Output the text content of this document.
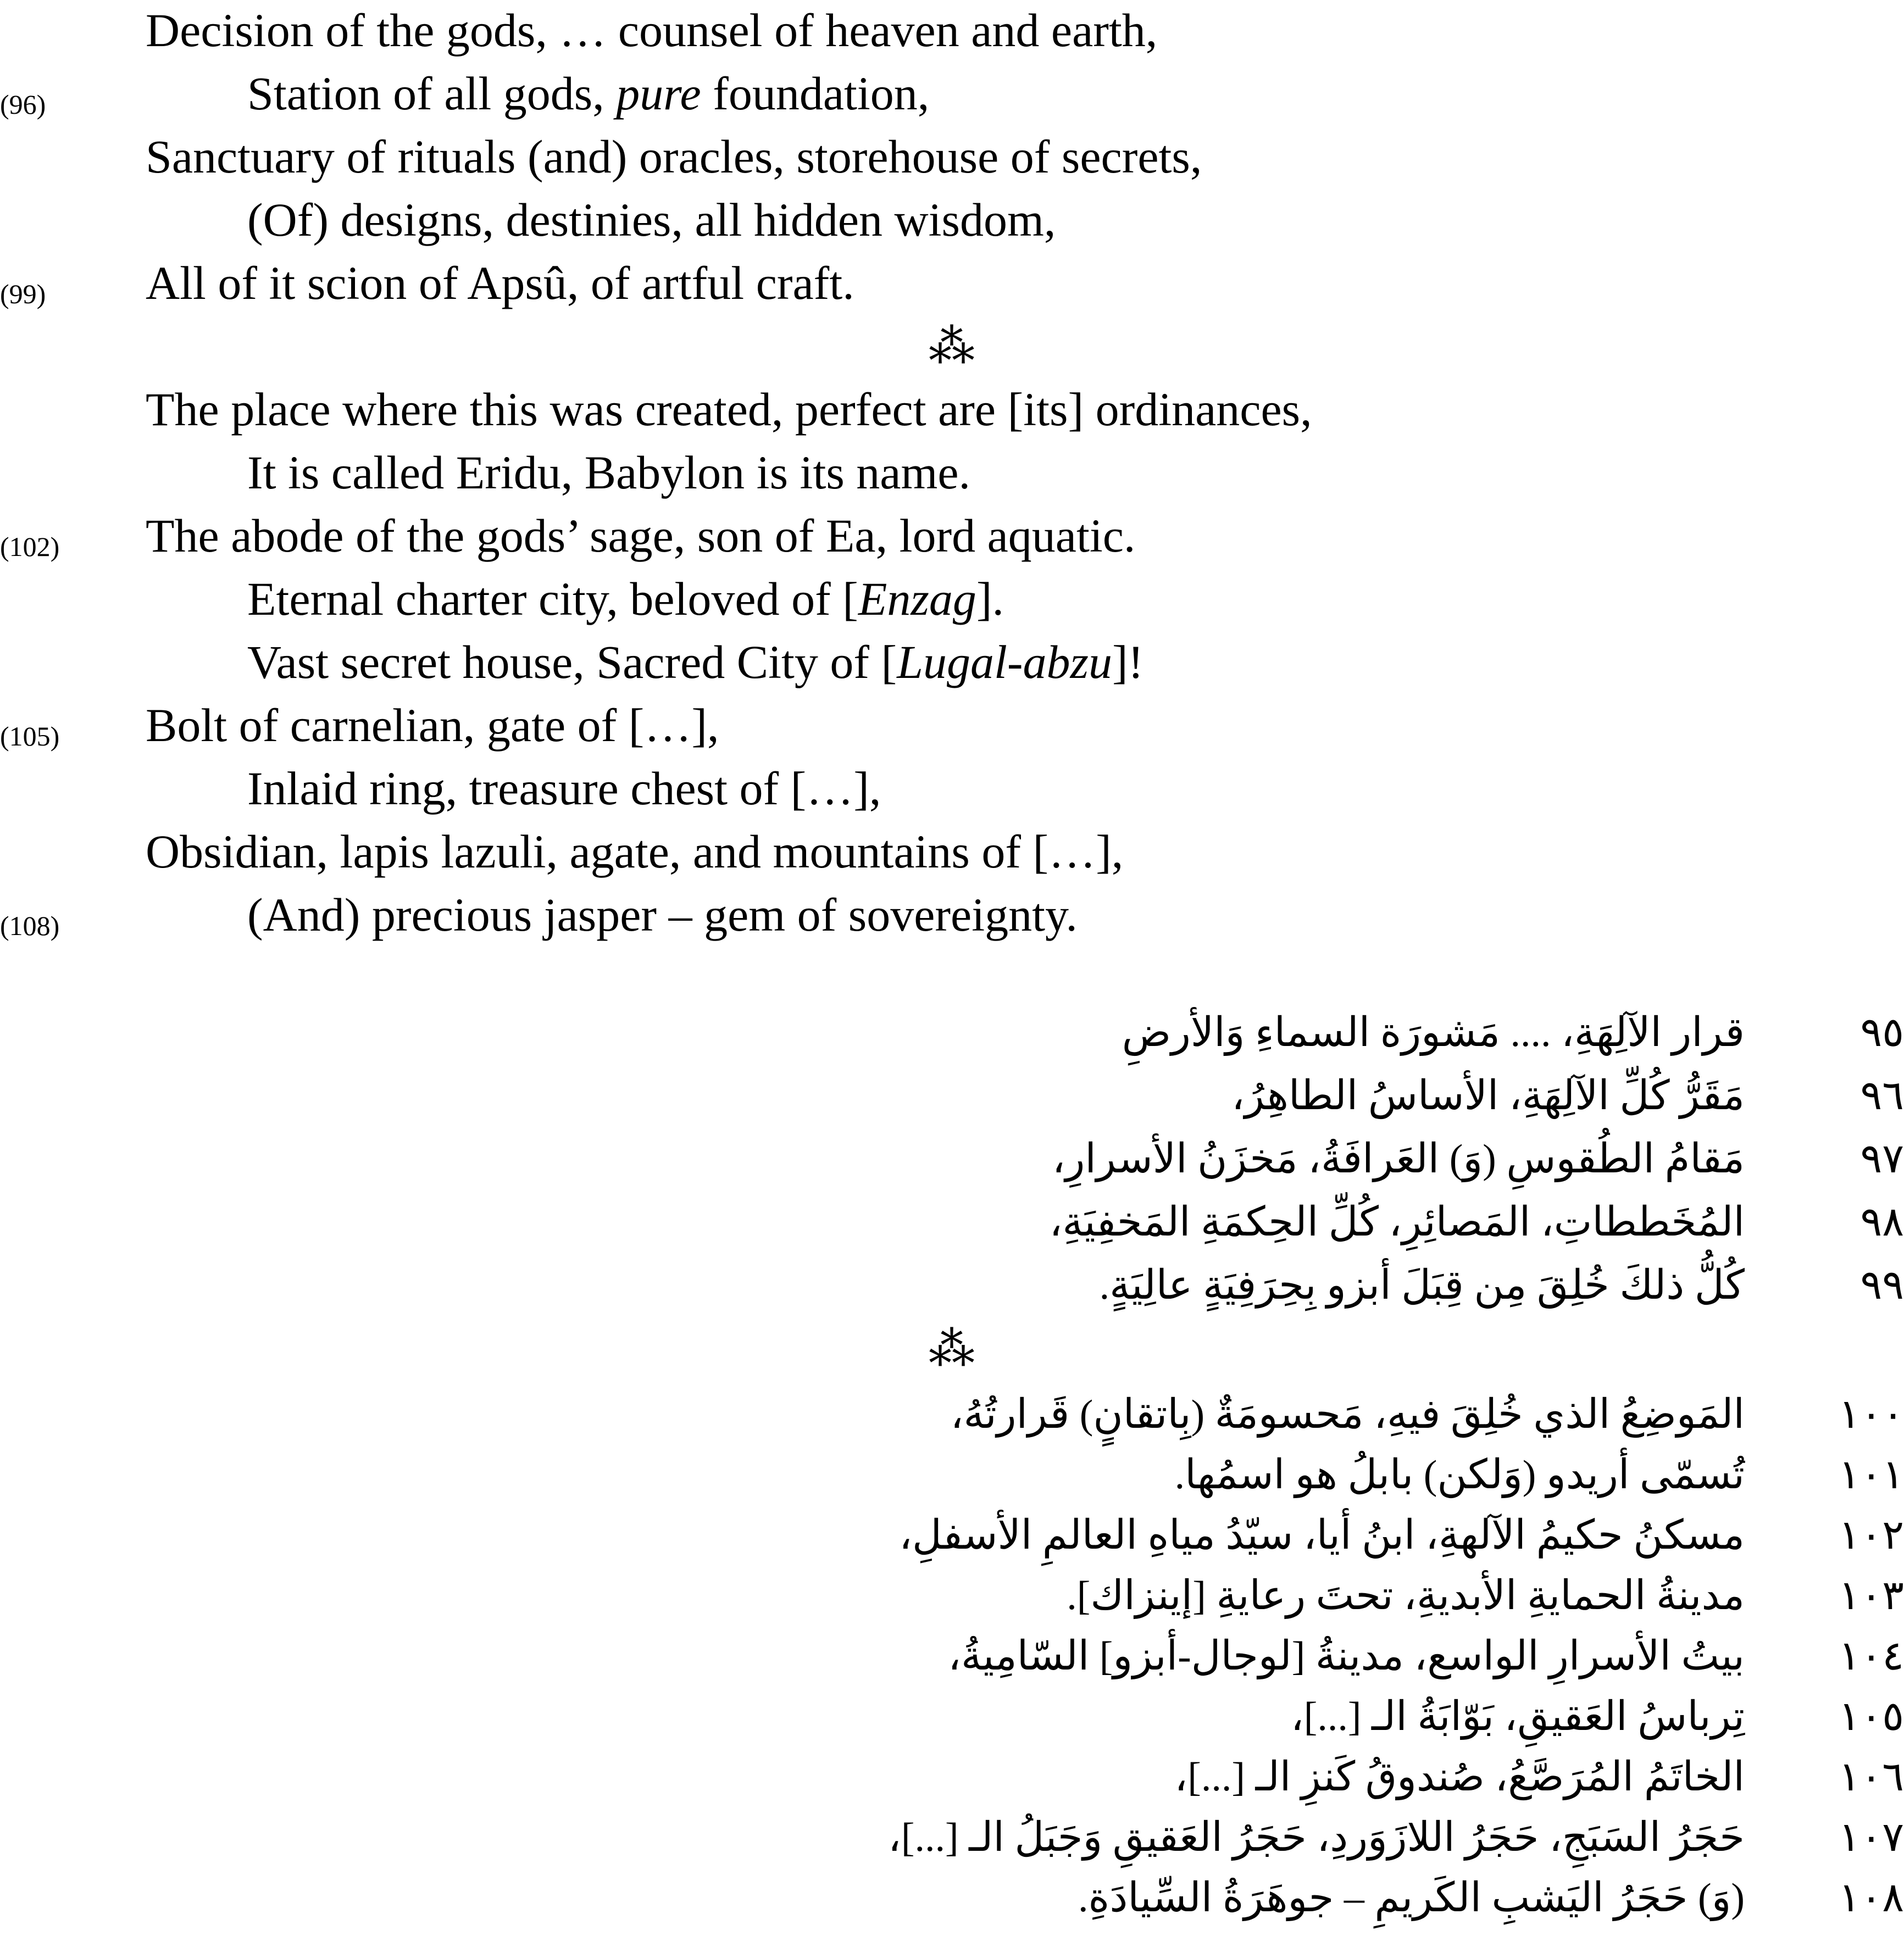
Decision of the gods, … counsel of heaven and earth,
(96)	Station of all gods, pure foundation,
Sanctuary of rituals (and) oracles, storehouse of secrets,
(Of) designs, destinies, all hidden wisdom,
(99) All of it scion of Apsû, of artful craft.
⁂
The place where this was created, perfect are [its] ordinances,
It is called Eridu, Babylon is its name.
(102) The abode of the gods’ sage, son of Ea, lord aquatic.
Eternal charter city, beloved of [Enzag].
Vast secret house, Sacred City of [Lugal-abzu]!
(105) Bolt of carnelian, gate of […],
Inlaid ring, treasure chest of […],
Obsidian, lapis lazuli, agate, and mountains of […],
(108)	(And) precious jasper – gem of sovereignty.
قرار الآلِهَةِ، .... مَشورَة السماءِ وَالأرضِ	٩٥
مَقَرُّ كُلِّ الآلِهَةِ، الأساسُ الطاهِرُ،	٩٦
مَقامُ الطُقوسِ (وَ) العَرافَةُ، مَخزَنُ الأسرارِ،	٩٧
المُخَططاتِ، المَصائِرِ، كُلِّ الحِكمَةِ المَخفِيَةِ،	٩٨
كُلُّ ذلكَ خُلِقَ مِن قِبَلَ أبزو بِحِرَفِيَةٍ عالِيَةٍ.	٩٩
⁂
المَوضِعُ الذي خُلِقَ فيهِ، مَحسومَةٌ (بِاتقانٍ) قَرارتُهُ، ١٠٠
تُسمّى أريدو (وَلكن) بابلُ هو اسمُها. ١٠١
مسكنُ حكيمُ الآلهةِ، ابنُ أيا، سيّدُ مياهِ العالمِ الأسفلِ، ١٠٢
مدينةُ الحمايةِ الأبديةِ، تحتَ رعايةِ [إينزاك]. ١٠٣
بيتُ الأسرارِ الواسع، مدينةُ [لوجال-أبزو] السّامِيةُ، ١٠٤
تِرباسُ العَقيقِ، بَوّابَةُ الـ [...]، ١٠٥
الخاتَمُ المُرَصَّعُ، صُندوقُ كَنزِ الـ [...]، ١٠٦
حَجَرُ السَبَجِ، حَجَرُ اللازَوَردِ، حَجَرُ العَقيقِ وَجَبَلُ الـ [...]، ١٠٧
(وَ) حَجَرُ اليَشبِ الكَريمِ – جوهَرَةُ السِّيادَةِ. ١٠٨
